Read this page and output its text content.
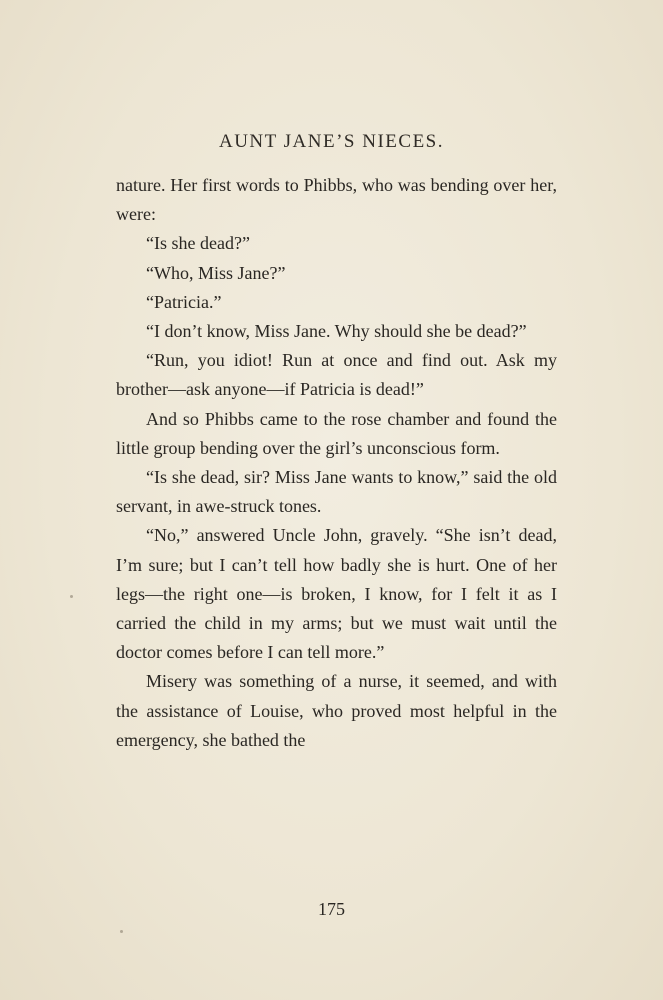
AUNT JANE’S NIECES.

nature. Her first words to Phibbs, who was bending over her, were:

“Is she dead?”

“Who, Miss Jane?”

“Patricia.”

“I don’t know, Miss Jane. Why should she be dead?”

“Run, you idiot! Run at once and find out. Ask my brother—ask anyone—if Patricia is dead!”

And so Phibbs came to the rose chamber and found the little group bending over the girl’s unconscious form.

“Is she dead, sir? Miss Jane wants to know,” said the old servant, in awe-struck tones.

“No,” answered Uncle John, gravely. “She isn’t dead, I’m sure; but I can’t tell how badly she is hurt. One of her legs—the right one—is broken, I know, for I felt it as I carried the child in my arms; but we must wait until the doctor comes before I can tell more.”

Misery was something of a nurse, it seemed, and with the assistance of Louise, who proved most helpful in the emergency, she bathed the

175
